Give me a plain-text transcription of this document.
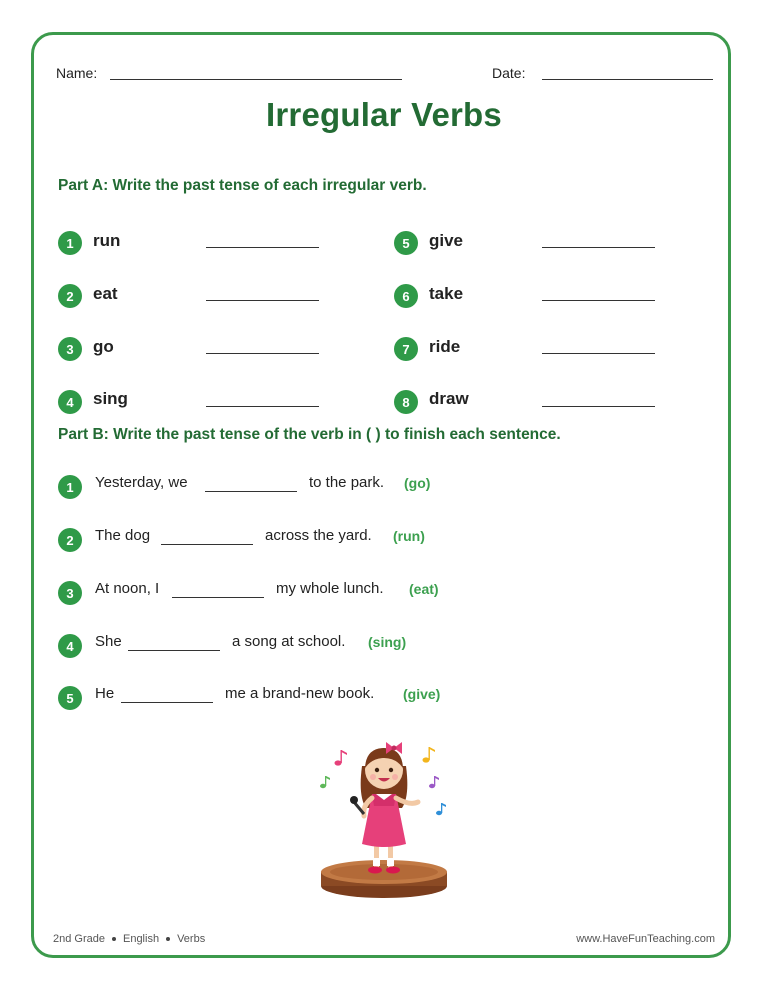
Name:	Date:
Irregular Verbs
Part A: Write the past tense of each irregular verb.
1	run
2	eat
3	go
4	sing
5	give
6	take
7	ride
8	draw
Part B: Write the past tense of the verb in ( ) to finish each sentence.
1	Yesterday, we	to the park. (go)
2	The dog	across the yard. (run)
3	At noon, I	my whole lunch. (eat)
4	She	a song at school. (sing)
5	He	me a brand-new book. (give)
2nd Grade English Verbs	www.HaveFunTeaching.com
